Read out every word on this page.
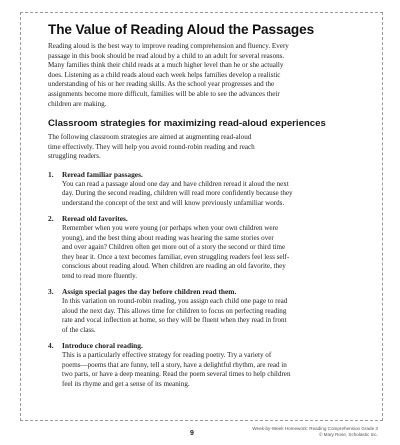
The Value of Reading Aloud the Passages

Reading aloud is the best way to improve reading comprehension and fluency. Every
passage in this book should be read aloud by a child to an adult for several reasons.
Many families think their child reads at a much higher level than he or she actually
does. Listening as a child reads aloud each week helps families develop a realistic
understanding of his or her reading skills. As the school year progresses and the
assignments become more difficult, families will be able to see the advances their
children are making.

Classroom strategies for maximizing read-aloud experiences

The following classroom strategies are aimed at augmenting read-aloud
time effectively. They will help you avoid round-robin reading and reach
struggling readers.

1. Reread familiar passages.
You can read a passage aloud one day and have children reread it aloud the next
day. During the second reading, children will read more confidently because they
understand the concept of the text and will know previously unfamiliar words.
2. Reread old favorites.
Remember when you were young (or perhaps when your own children were
young), and the best thing about reading was hearing the same stories over
and over again? Children often get more out of a story the second or third time
they hear it. Once a text becomes familiar, even struggling readers feel less self-
conscious about reading aloud. When children are reading an old favorite, they
tend to read more fluently.
3. Assign special pages the day before children read them.
In this variation on round-robin reading, you assign each child one page to read
aloud the next day. This allows time for children to focus on perfecting reading
rate and vocal inflection at home, so they will be fluent when they read in front
of the class.
4. Introduce choral reading.
This is a particularly effective strategy for reading poetry. Try a variety of
poems—poems that are funny, tell a story, have a delightful rhythm, are read in
two parts, or have a deep meaning. Read the poem several times to help children
feel its rhyme and get a sense of its meaning.
9
Week-by-Week Homework: Reading Comprehension Grade 3
© Mary Rose, Scholastic Inc.
